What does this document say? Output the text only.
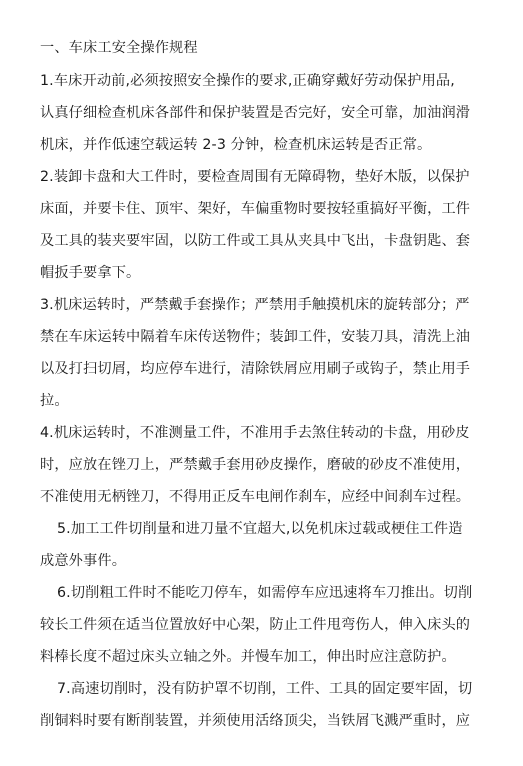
一、车床工安全操作规程
1.车床开动前,必须按照安全操作的要求,正确穿戴好劳动保护用品,
认真仔细检查机床各部件和保护装置是否完好，安全可靠，加油润滑
机床，并作低速空载运转 2-3 分钟，检查机床运转是否正常。
2.装卸卡盘和大工件时，要检查周围有无障碍物，垫好木版，以保护
床面，并要卡住、顶牢、架好，车偏重物时要按轻重搞好平衡，工件
及工具的装夹要牢固，以防工件或工具从夹具中飞出，卡盘钥匙、套
帽扳手要拿下。
3.机床运转时，严禁戴手套操作；严禁用手触摸机床的旋转部分；严
禁在车床运转中隔着车床传送物件；装卸工件，安装刀具，清洗上油
以及打扫切屑，均应停车进行，清除铁屑应用刷子或钩子，禁止用手
拉。
4.机床运转时，不准测量工件，不准用手去煞住转动的卡盘，用砂皮
时，应放在锉刀上，严禁戴手套用砂皮操作，磨破的砂皮不准使用，
不准使用无柄锉刀，不得用正反车电闸作刹车，应经中间刹车过程。
5.加工工件切削量和进刀量不宜超大,以免机床过载或梗住工件造
成意外事件。
6.切削粗工件时不能吃刀停车，如需停车应迅速将车刀推出。切削
较长工件须在适当位置放好中心架，防止工件甩弯伤人，伸入床头的
料棒长度不超过床头立轴之外。并慢车加工，伸出时应注意防护。
7.高速切削时，没有防护罩不切削，工件、工具的固定要牢固，切
削铜料时要有断削装置，并须使用活络顶尖，当铁屑飞溅严重时，应
